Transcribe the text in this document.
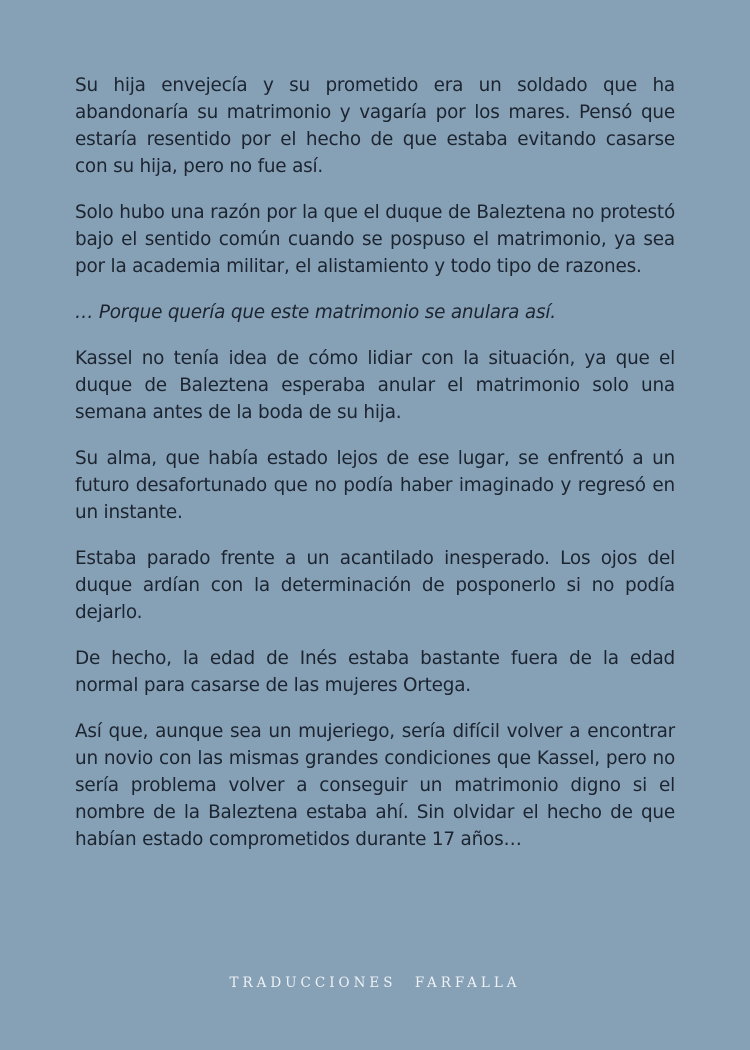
Su hija envejecía y su prometido era un soldado que ha abandonaría su matrimonio y vagaría por los mares. Pensó que estaría resentido por el hecho de que estaba evitando casarse con su hija, pero no fue así.

Solo hubo una razón por la que el duque de Baleztena no protestó bajo el sentido común cuando se pospuso el matrimonio, ya sea por la academia militar, el alistamiento y todo tipo de razones.

… Porque quería que este matrimonio se anulara así.

Kassel no tenía idea de cómo lidiar con la situación, ya que el duque de Baleztena esperaba anular el matrimonio solo una semana antes de la boda de su hija.

Su alma, que había estado lejos de ese lugar, se enfrentó a un futuro desafortunado que no podía haber imaginado y regresó en un instante.

Estaba parado frente a un acantilado inesperado. Los ojos del duque ardían con la determinación de posponerlo si no podía dejarlo.

De hecho, la edad de Inés estaba bastante fuera de la edad normal para casarse de las mujeres Ortega.

Así que, aunque sea un mujeriego, sería difícil volver a encontrar un novio con las mismas grandes condiciones que Kassel, pero no sería problema volver a conseguir un matrimonio digno si el nombre de la Baleztena estaba ahí. Sin olvidar el hecho de que habían estado comprometidos durante 17 años…

TRADUCCIONES FARFALLA
